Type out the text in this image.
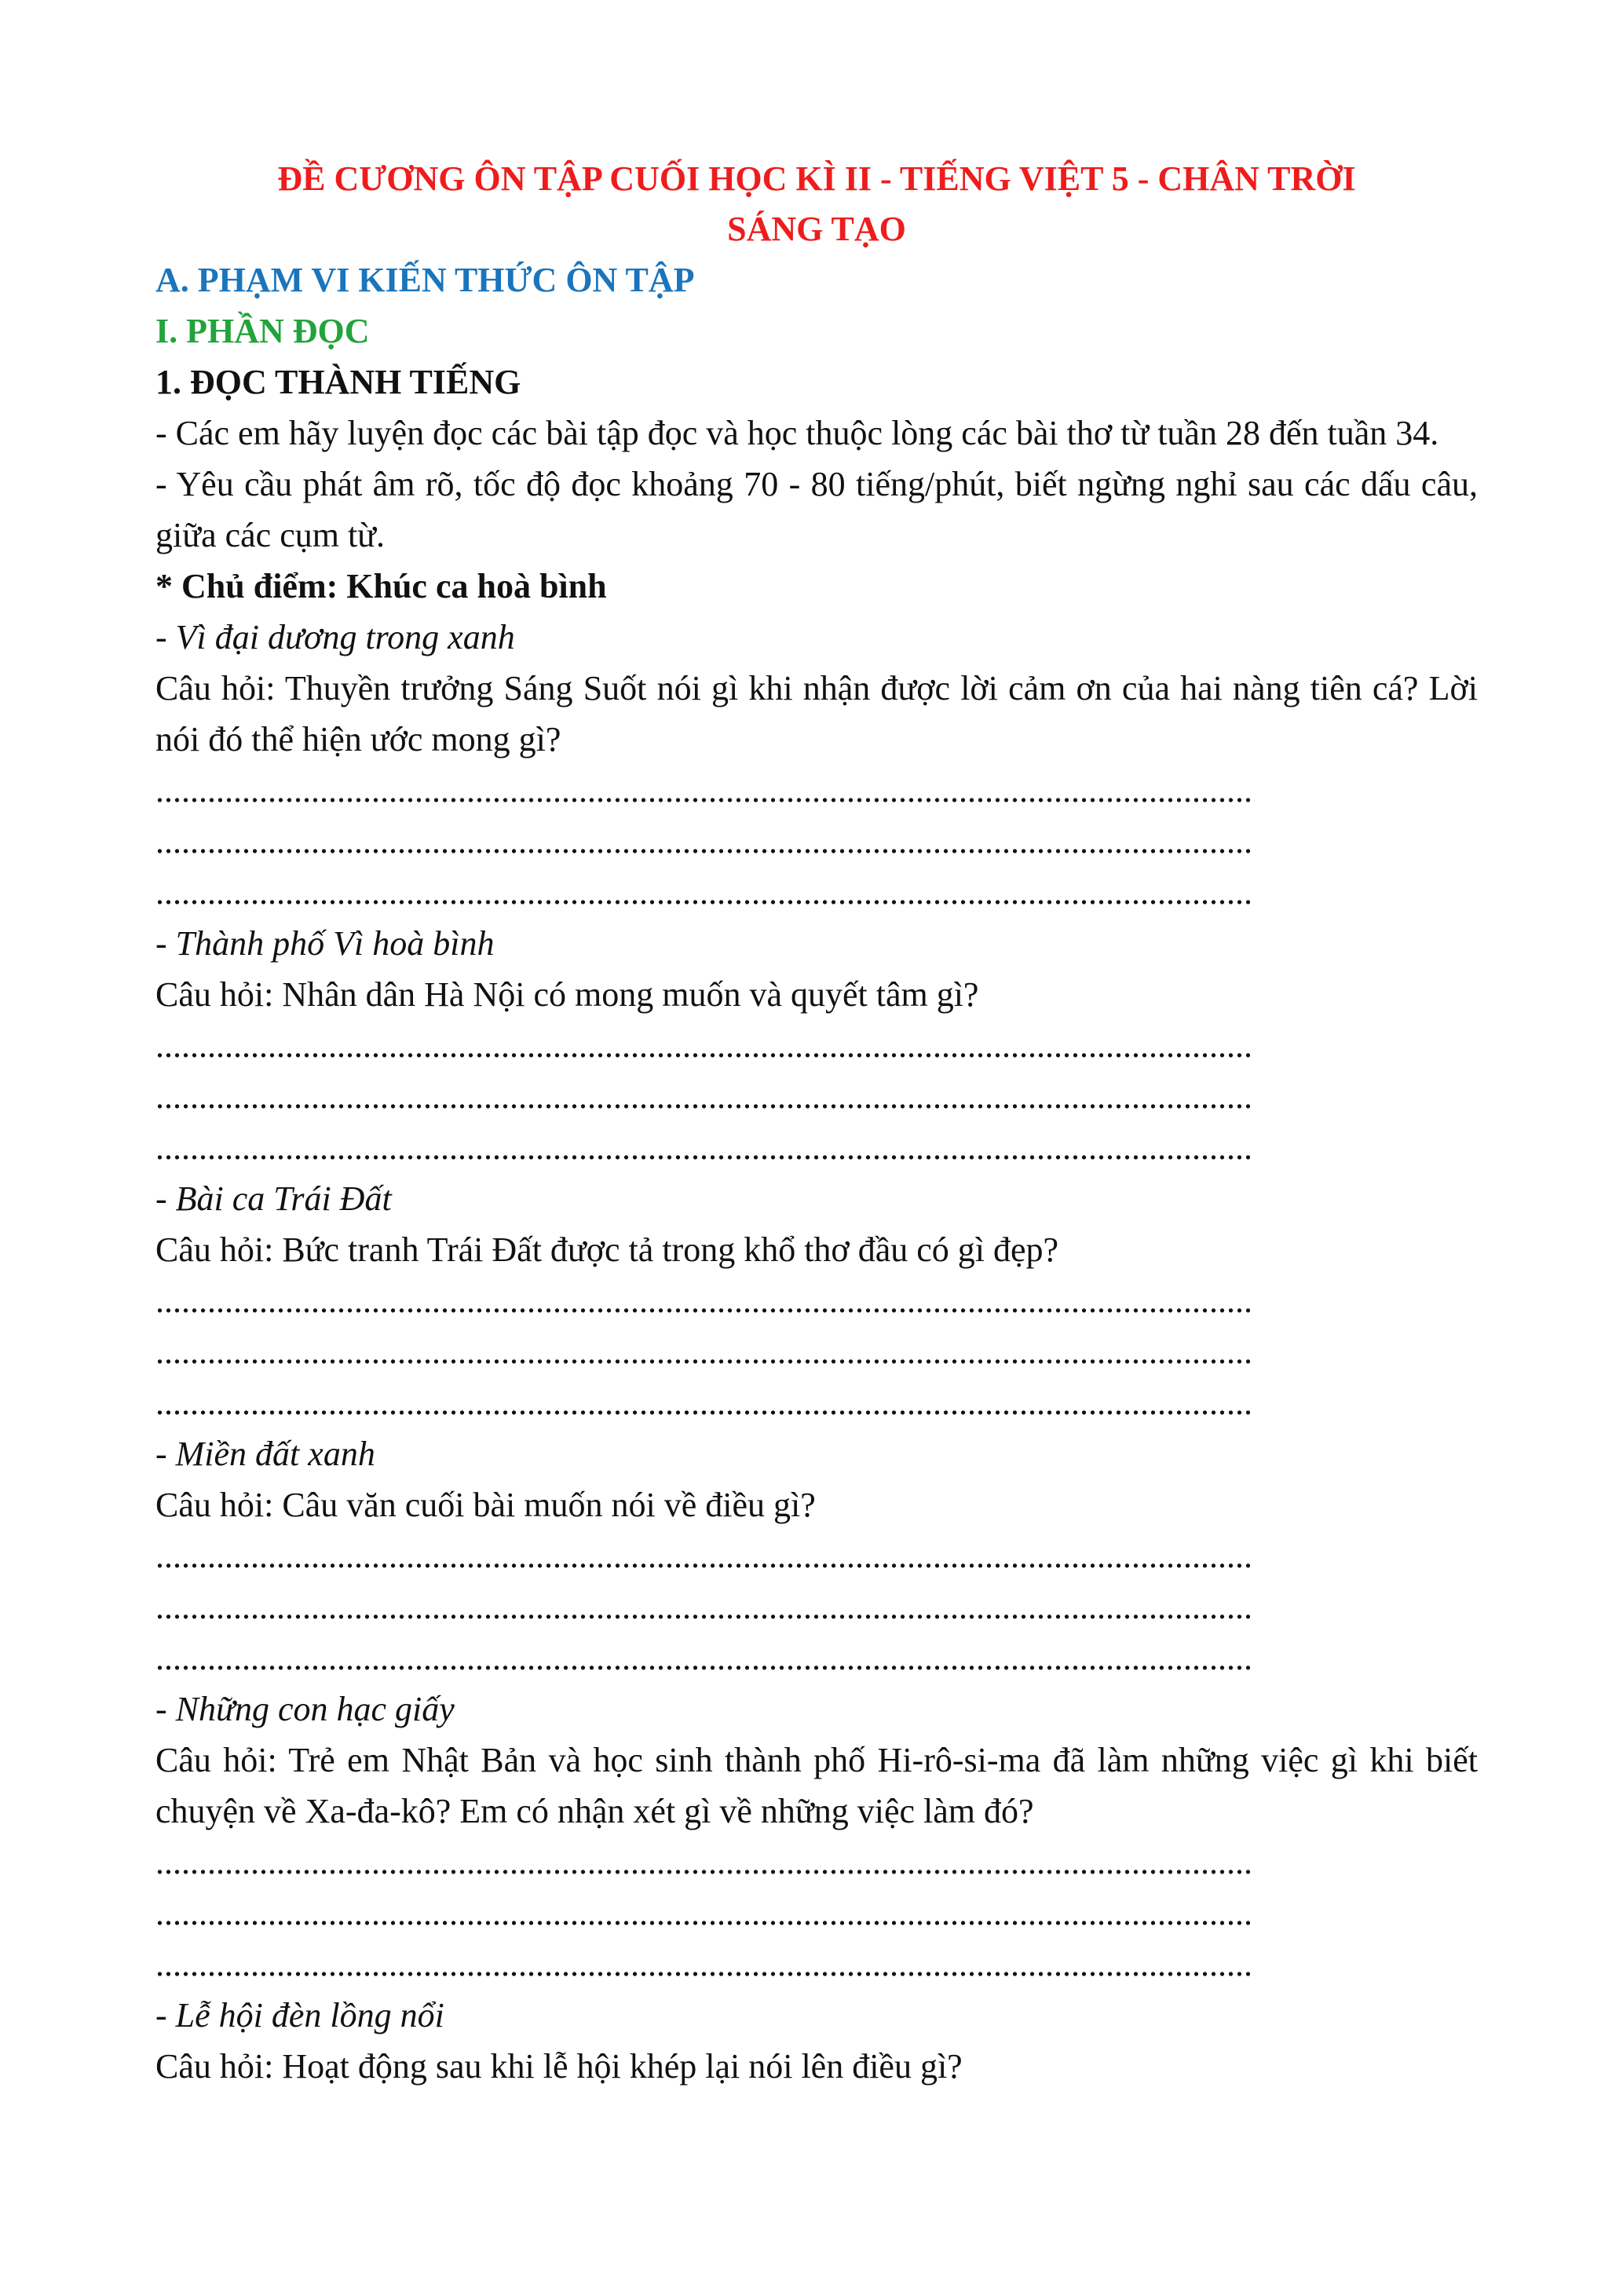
ĐỀ CƯƠNG ÔN TẬP CUỐI HỌC KÌ II - TIẾNG VIỆT 5 - CHÂN TRỜI
SÁNG TẠO

A. PHẠM VI KIẾN THỨC ÔN TẬP

I. PHẦN ĐỌC

1. ĐỌC THÀNH TIẾNG

- Các em hãy luyện đọc các bài tập đọc và học thuộc lòng các bài thơ từ tuần 28 đến tuần 34.

- Yêu cầu phát âm rõ, tốc độ đọc khoảng 70 - 80 tiếng/phút, biết ngừng nghỉ sau các dấu câu, giữa các cụm từ.

* Chủ điểm: Khúc ca hoà bình

- Vì đại dương trong xanh

Câu hỏi: Thuyền trưởng Sáng Suốt nói gì khi nhận được lời cảm ơn của hai nàng tiên cá? Lời nói đó thể hiện ước mong gì?

...............................................................................................................................

...............................................................................................................................

...............................................................................................................................

- Thành phố Vì hoà bình

Câu hỏi: Nhân dân Hà Nội có mong muốn và quyết tâm gì?

...............................................................................................................................

...............................................................................................................................

...............................................................................................................................

- Bài ca Trái Đất

Câu hỏi: Bức tranh Trái Đất được tả trong khổ thơ đầu có gì đẹp?

...............................................................................................................................

...............................................................................................................................

...............................................................................................................................

- Miền đất xanh

Câu hỏi: Câu văn cuối bài muốn nói về điều gì?

...............................................................................................................................

...............................................................................................................................

...............................................................................................................................

- Những con hạc giấy

Câu hỏi: Trẻ em Nhật Bản và học sinh thành phố Hi-rô-si-ma đã làm những việc gì khi biết chuyện về Xa-đa-kô? Em có nhận xét gì về những việc làm đó?

...............................................................................................................................

...............................................................................................................................

...............................................................................................................................

- Lễ hội đèn lồng nổi

Câu hỏi: Hoạt động sau khi lễ hội khép lại nói lên điều gì?
